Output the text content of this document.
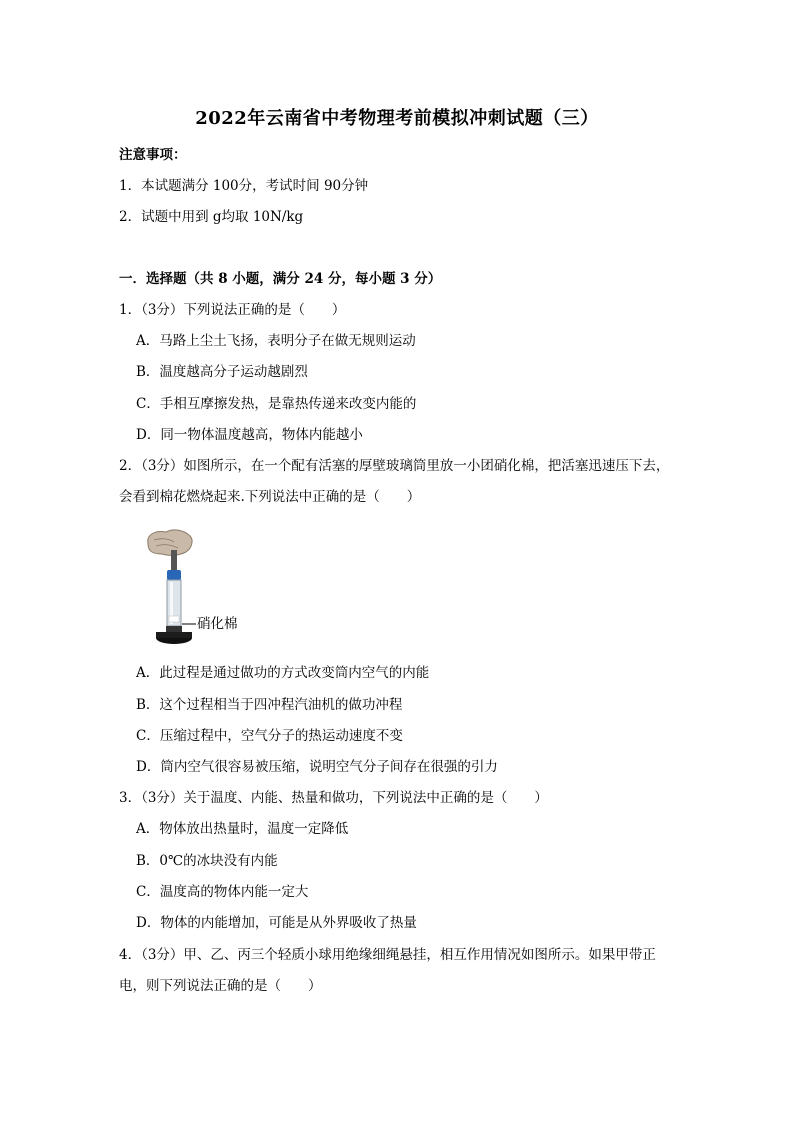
2022年云南省中考物理考前模拟冲刺试题（三）
注意事项：
1．本试题满分 100分，考试时间 90分钟
2．试题中用到 g均取 10N/kg
一．选择题（共 8 小题，满分 24 分，每小题 3 分）
1．（3分）下列说法正确的是（　　）
A．马路上尘土飞扬，表明分子在做无规则运动
B．温度越高分子运动越剧烈
C．手相互摩擦发热，是靠热传递来改变内能的
D．同一物体温度越高，物体内能越小
2．（3分）如图所示，在一个配有活塞的厚壁玻璃筒里放一小团硝化棉，把活塞迅速压下去，
会看到棉花燃烧起来.下列说法中正确的是（　　）
硝化棉
A．此过程是通过做功的方式改变筒内空气的内能
B．这个过程相当于四冲程汽油机的做功冲程
C．压缩过程中，空气分子的热运动速度不变
D．筒内空气很容易被压缩，说明空气分子间存在很强的引力
3．（3分）关于温度、内能、热量和做功，下列说法中正确的是（　　）
A．物体放出热量时，温度一定降低
B．0℃的冰块没有内能
C．温度高的物体内能一定大
D．物体的内能增加，可能是从外界吸收了热量
4．（3分）甲、乙、丙三个轻质小球用绝缘细绳悬挂，相互作用情况如图所示。如果甲带正
电，则下列说法正确的是（　　）
